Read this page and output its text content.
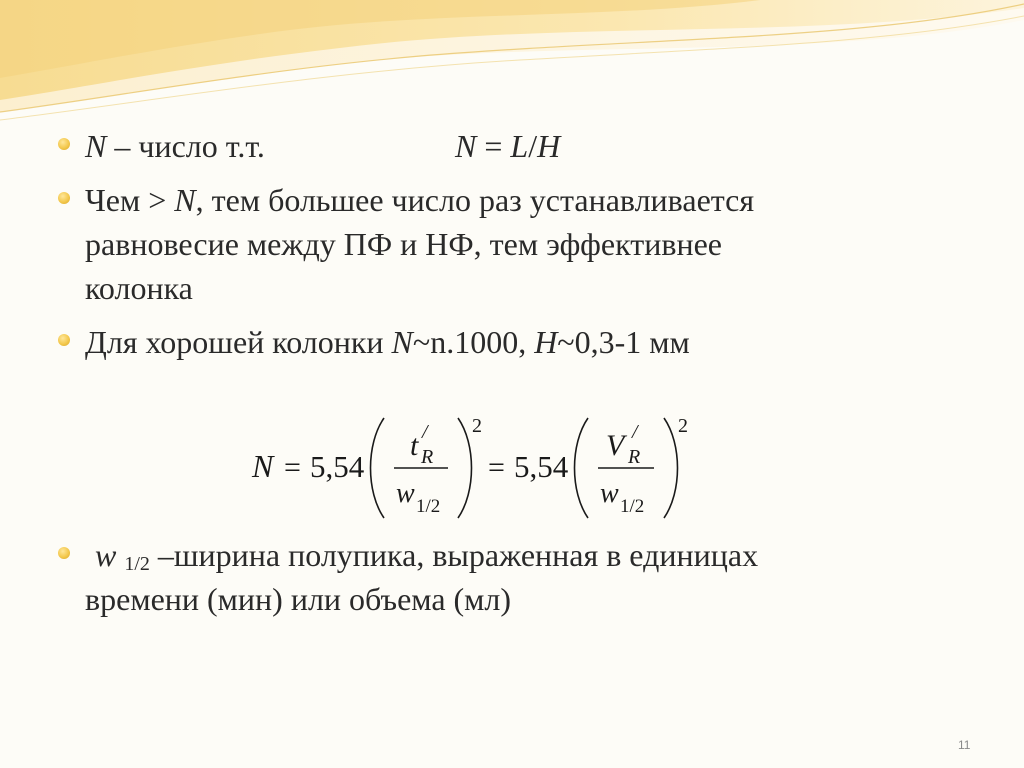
N – число т.т.	N = L/H
Чем > N, тем большее число раз устанавливается
равновесие между ПФ и НФ, тем эффективнее
колонка
Для хорошей колонки N~n.1000, H~0,3-1 мм
N = 5,54
t /
R
w 1/2
2
= 5,54
V /
R
w 1/2
2
w $_{1/2}$ –ширина полупика, выраженная в единицах
времени (мин) или объема (мл)
11
